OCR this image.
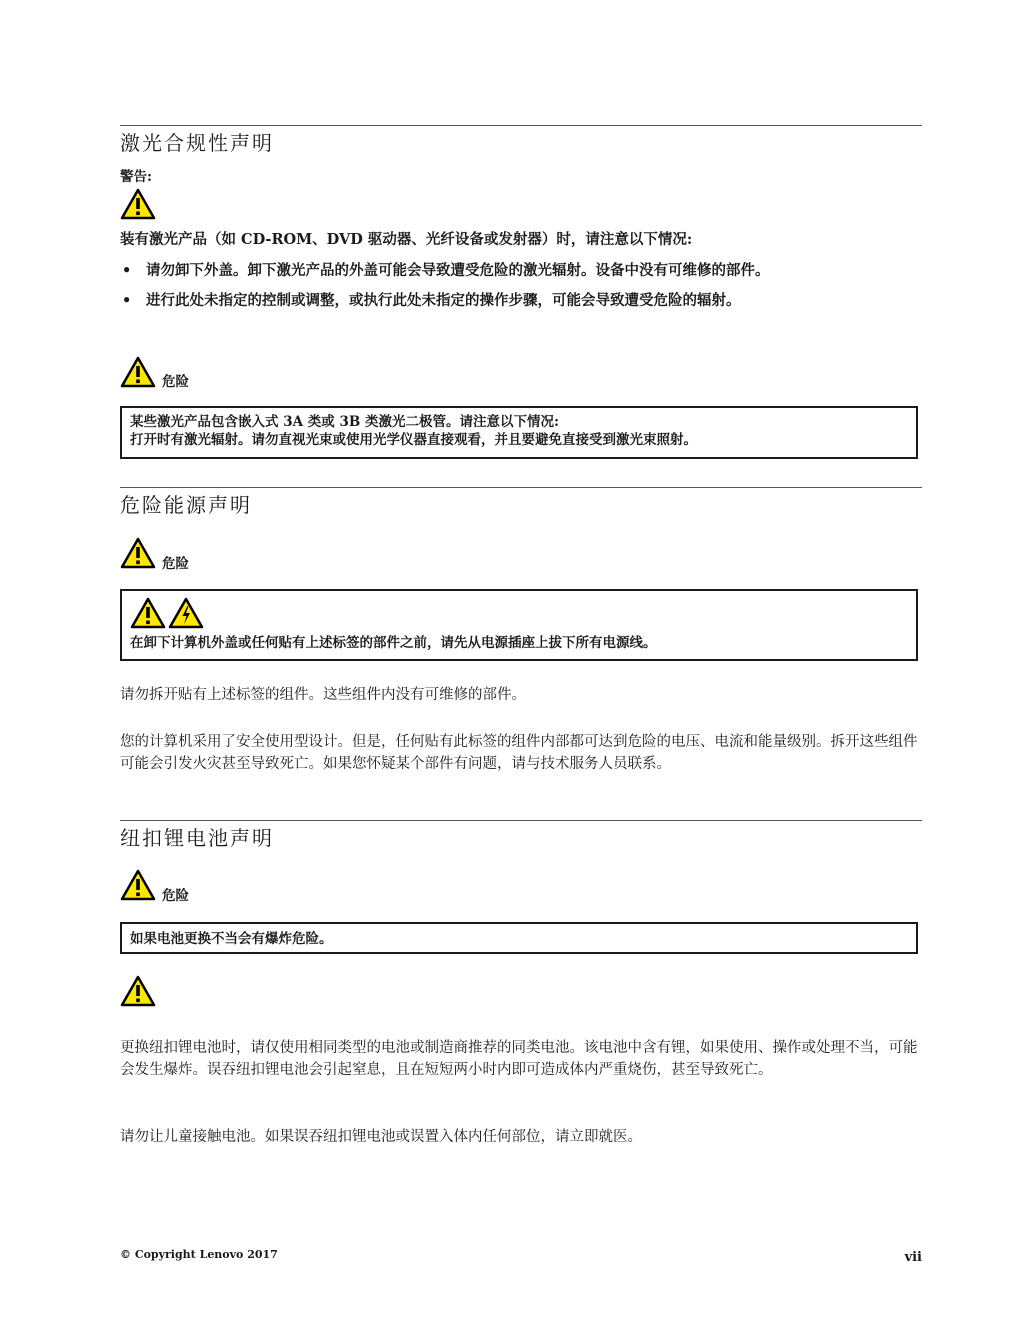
激光合规性声明
警告:
装有激光产品（如 CD-ROM、DVD 驱动器、光纤设备或发射器）时，请注意以下情况:
• 请勿卸下外盖。卸下激光产品的外盖可能会导致遭受危险的激光辐射。设备中没有可维修的部件。
• 进行此处未指定的控制或调整，或执行此处未指定的操作步骤，可能会导致遭受危险的辐射。
危险

某些激光产品包含嵌入式 3A 类或 3B 类激光二极管。请注意以下情况:

打开时有激光辐射。请勿直视光束或使用光学仪器直接观看，并且要避免直接受到激光束照射。

危险能源声明
危险

在卸下计算机外盖或任何贴有上述标签的部件之前，请先从电源插座上拔下所有电源线。

请勿拆开贴有上述标签的组件。这些组件内没有可维修的部件。
您的计算机采用了安全使用型设计。但是，任何贴有此标签的组件内部都可达到危险的电压、电流和能量级别。拆开这些组件可能会引发火灾甚至导致死亡。如果您怀疑某个部件有问题，请与技术服务人员联系。
纽扣锂电池声明
危险

如果电池更换不当会有爆炸危险。

更换纽扣锂电池时，请仅使用相同类型的电池或制造商推荐的同类电池。该电池中含有锂，如果使用、操作或处理不当，可能会发生爆炸。误吞纽扣锂电池会引起窒息，且在短短两小时内即可造成体内严重烧伤，甚至导致死亡。
请勿让儿童接触电池。如果误吞纽扣锂电池或误置入体内任何部位，请立即就医。
© Copyright Lenovo 2017	vii
